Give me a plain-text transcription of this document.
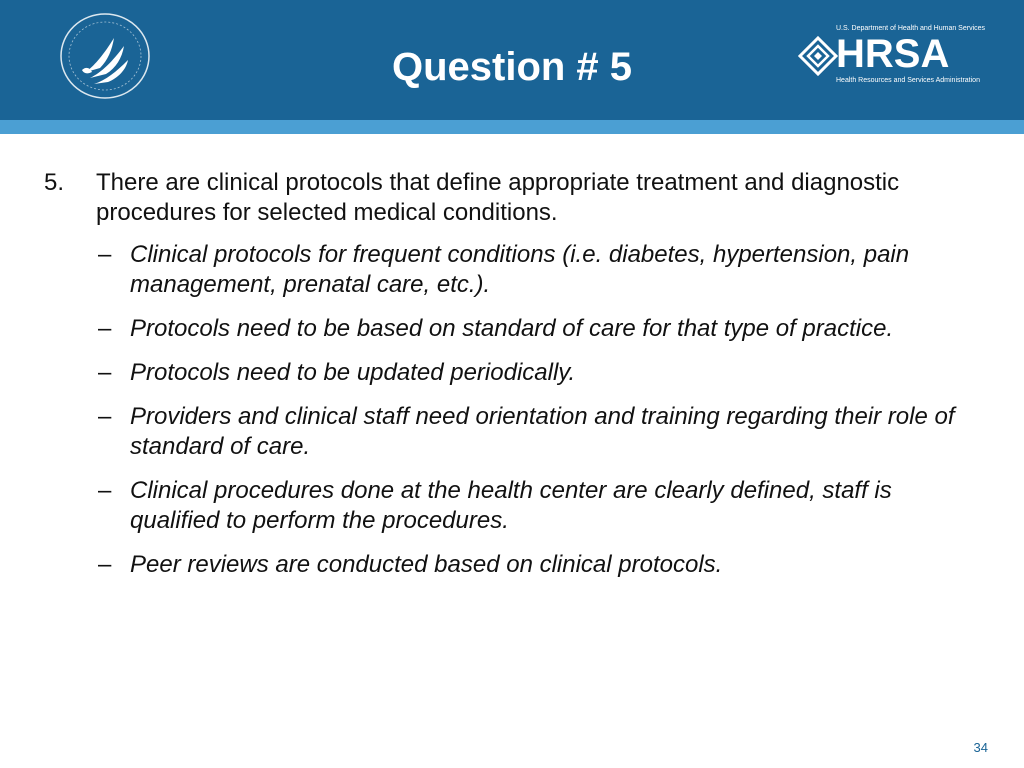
Question # 5
U.S. Department of Health and Human Services
HRSA
Health Resources and Services Administration
5. There are clinical protocols that define appropriate treatment and diagnostic procedures for selected medical conditions.
– Clinical protocols for frequent conditions (i.e. diabetes, hypertension, pain management, prenatal care, etc.).
– Protocols need to be based on standard of care for that type of practice.
– Protocols need to be updated periodically.
– Providers and clinical staff need orientation and training regarding their role of standard of care.
– Clinical procedures done at the health center are clearly defined, staff is qualified to perform the procedures.
– Peer reviews are conducted based on clinical protocols.
34
